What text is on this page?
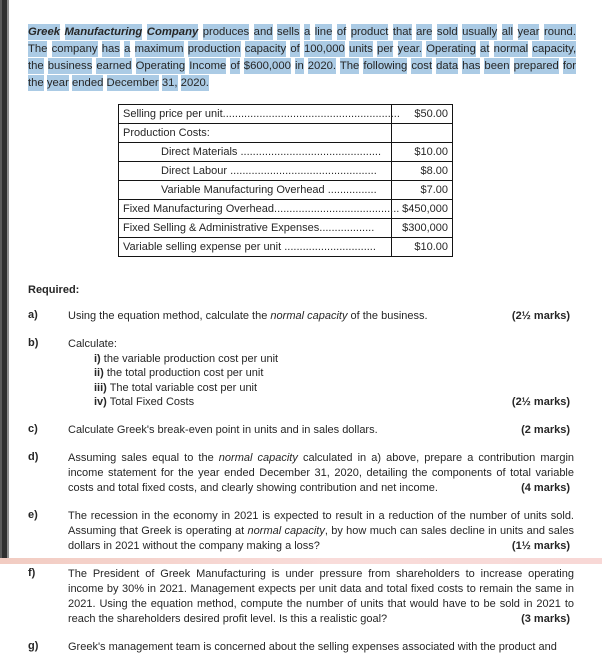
Greek Manufacturing Company produces and sells a line of product that are sold usually all year round. The company has a maximum production capacity of 100,000 units per year. Operating at normal capacity, the business earned Operating Income of $600,000 in 2020. The following cost data has been prepared for the year ended December 31, 2020.

Selling price per unit..........................................................	$50.00
Production Costs:	
Direct Materials ..............................................	$10.00
Direct Labour ................................................	$8.00
Variable Manufacturing Overhead ................	$7.00
Fixed Manufacturing Overhead.........................................	$450,000
Fixed Selling & Administrative Expenses..................	$300,000
Variable selling expense per unit ..............................	$10.00
Required:
a)	Using the equation method, calculate the normal capacity of the business.	(2½ marks)
b)	Calculate:
i) the variable production cost per unit
ii) the total production cost per unit
iii) The total variable cost per unit
iv) Total Fixed Costs	(2½ marks)
c)	Calculate Greek's break-even point in units and in sales dollars.	(2 marks)
d)	Assuming sales equal to the normal capacity calculated in a) above, prepare a contribution margin income statement for the year ended December 31, 2020, detailing the components of total variable costs and total fixed costs, and clearly showing contribution and net income.	(4 marks)
e)	The recession in the economy in 2021 is expected to result in a reduction of the number of units sold. Assuming that Greek is operating at normal capacity, by how much can sales decline in units and sales dollars in 2021 without the company making a loss?	(1½ marks)
f)	The President of Greek Manufacturing is under pressure from shareholders to increase operating income by 30% in 2021. Management expects per unit data and total fixed costs to remain the same in 2021. Using the equation method, compute the number of units that would have to be sold in 2021 to reach the shareholders desired profit level. Is this a realistic goal?	(3 marks)
g)	Greek's management team is concerned about the selling expenses associated with the product and
